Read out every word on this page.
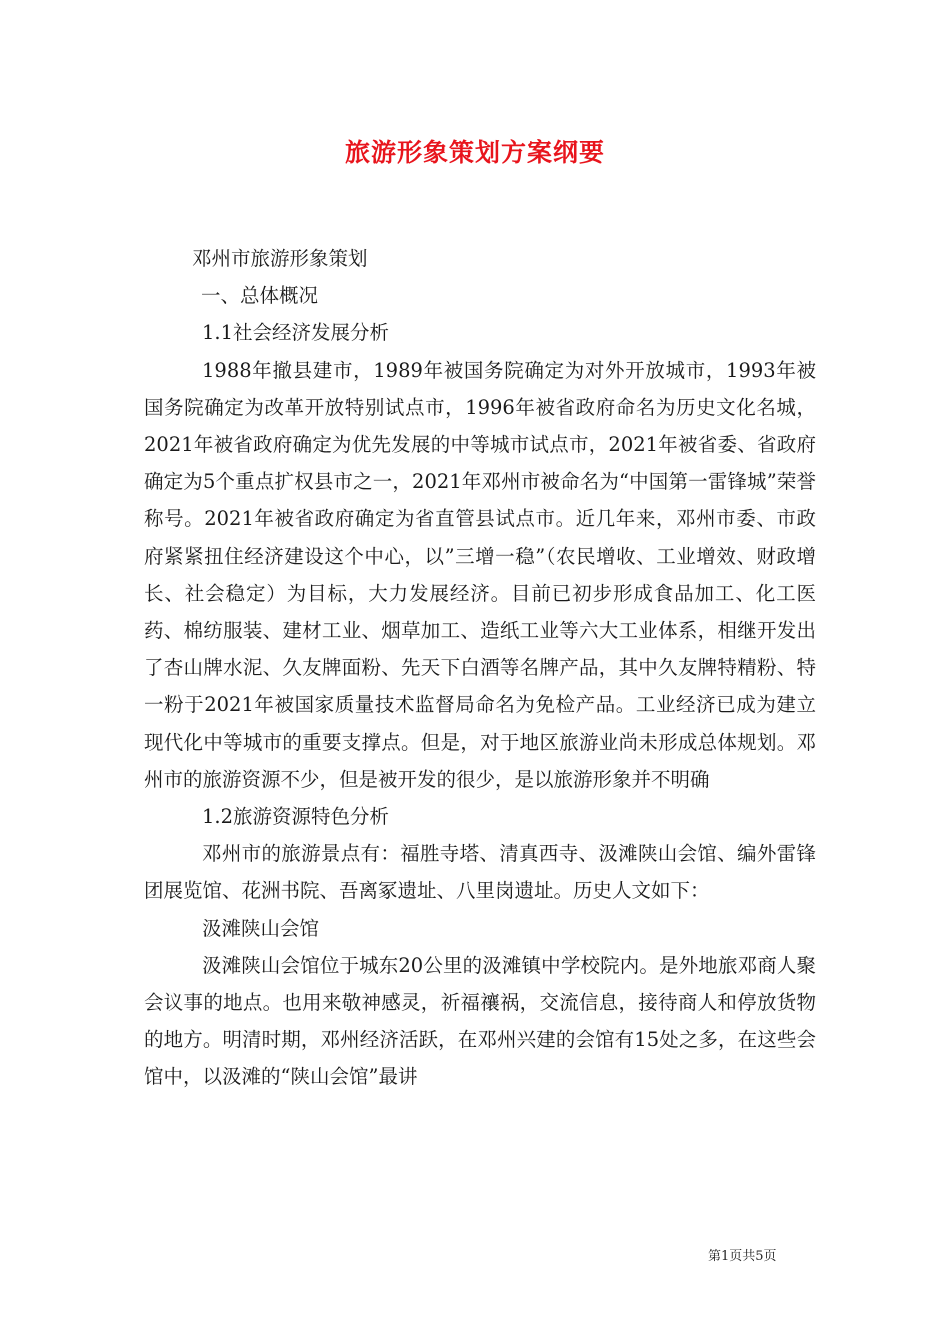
旅游形象策划方案纲要

邓州市旅游形象策划

一、总体概况

1.1社会经济发展分析

1988年撤县建市，1989年被国务院确定为对外开放城市，1993年被国务院确定为改革开放特别试点市，1996年被省政府命名为历史文化名城，2021年被省政府确定为优先发展的中等城市试点市，2021年被省委、省政府确定为5个重点扩权县市之一，2021年邓州市被命名为“中国第一雷锋城”荣誉称号。2021年被省政府确定为省直管县试点市。近几年来，邓州市委、市政府紧紧扭住经济建设这个中心，以”三增一稳”（农民增收、工业增效、财政增长、社会稳定）为目标，大力发展经济。目前已初步形成食品加工、化工医药、棉纺服装、建材工业、烟草加工、造纸工业等六大工业体系，相继开发出了杏山牌水泥、久友牌面粉、先天下白酒等名牌产品，其中久友牌特精粉、特一粉于2021年被国家质量技术监督局命名为免检产品。工业经济已成为建立现代化中等城市的重要支撑点。但是，对于地区旅游业尚未形成总体规划。邓州市的旅游资源不少，但是被开发的很少，是以旅游形象并不明确

1.2旅游资源特色分析

邓州市的旅游景点有：福胜寺塔、清真西寺、汲滩陕山会馆、编外雷锋团展览馆、花洲书院、吾离冢遗址、八里岗遗址。历史人文如下：

汲滩陕山会馆

汲滩陕山会馆位于城东20公里的汲滩镇中学校院内。是外地旅邓商人聚会议事的地点。也用来敬神感灵，祈福禳祸，交流信息，接待商人和停放货物的地方。明清时期，邓州经济活跃，在邓州兴建的会馆有15处之多，在这些会馆中，以汲滩的“陕山会馆”最讲

第1页共5页
